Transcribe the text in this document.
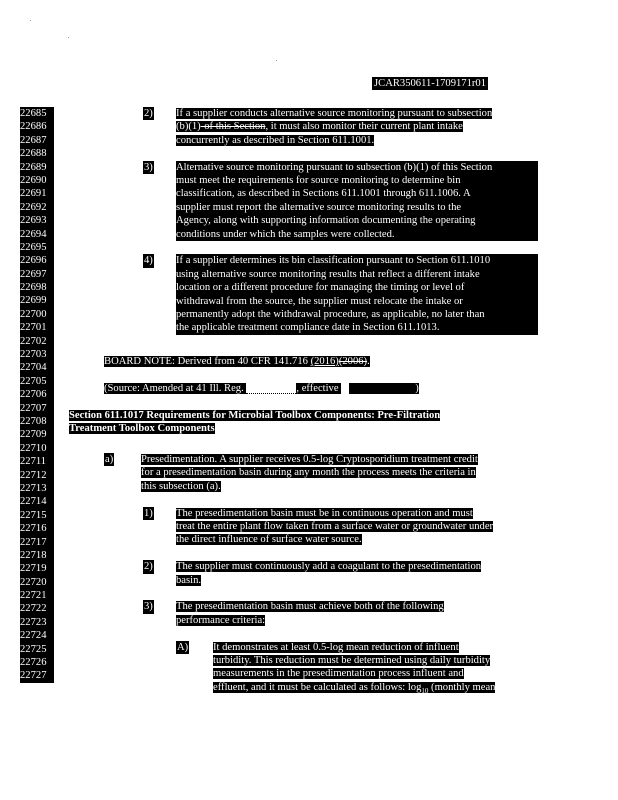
JCAR350611-1709171r01
22685
22686
22687
22688
22689
22690
22691
22692
22693
22694
22695
22696
22697
22698
22699
22700
22701
22702
22703
22704
22705
22706
22707
22708
22709
22710
22711
22712
22713
22714
22715
22716
22717
22718
22719
22720
22721
22722
22723
22724
22725
22726
22727
2) If a supplier conducts alternative source monitoring pursuant to subsection
(b)(1)-of this Section, it must also monitor their current plant intake
concurrently as described in Section 611.1001.
3) Alternative source monitoring pursuant to subsection (b)(1) of this Section
must meet the requirements for source monitoring to determine bin
classification, as described in Sections 611.1001 through 611.1006. A
supplier must report the alternative source monitoring results to the
Agency, along with supporting information documenting the operating
conditions under which the samples were collected.
4) If a supplier determines its bin classification pursuant to Section 611.1010
using alternative source monitoring results that reflect a different intake
location or a different procedure for managing the timing or level of
withdrawal from the source, the supplier must relocate the intake or
permanently adopt the withdrawal procedure, as applicable, no later than
the applicable treatment compliance date in Section 611.1013.
BOARD NOTE: Derived from 40 CFR 141.716 (2016)(2006).
(Source: Amended at 41 Ill. Reg.	, effective	)
Section 611.1017 Requirements for Microbial Toolbox Components: Pre-Filtration
Treatment Toolbox Components
a)	Presedimentation. A supplier receives 0.5-log Cryptosporidium treatment credit
for a presedimentation basin during any month the process meets the criteria in
this subsection (a).
1) The presedimentation basin must be in continuous operation and must
treat the entire plant flow taken from a surface water or groundwater under
the direct influence of surface water source.
2) The supplier must continuously add a coagulant to the presedimentation
basin.
3) The presedimentation basin must achieve both of the following
performance criteria:
A) It demonstrates at least 0.5-log mean reduction of influent
turbidity. This reduction must be determined using daily turbidity
measurements in the presedimentation process influent and
effluent, and it must be calculated as follows: $\log_{10}$ (monthly mean
